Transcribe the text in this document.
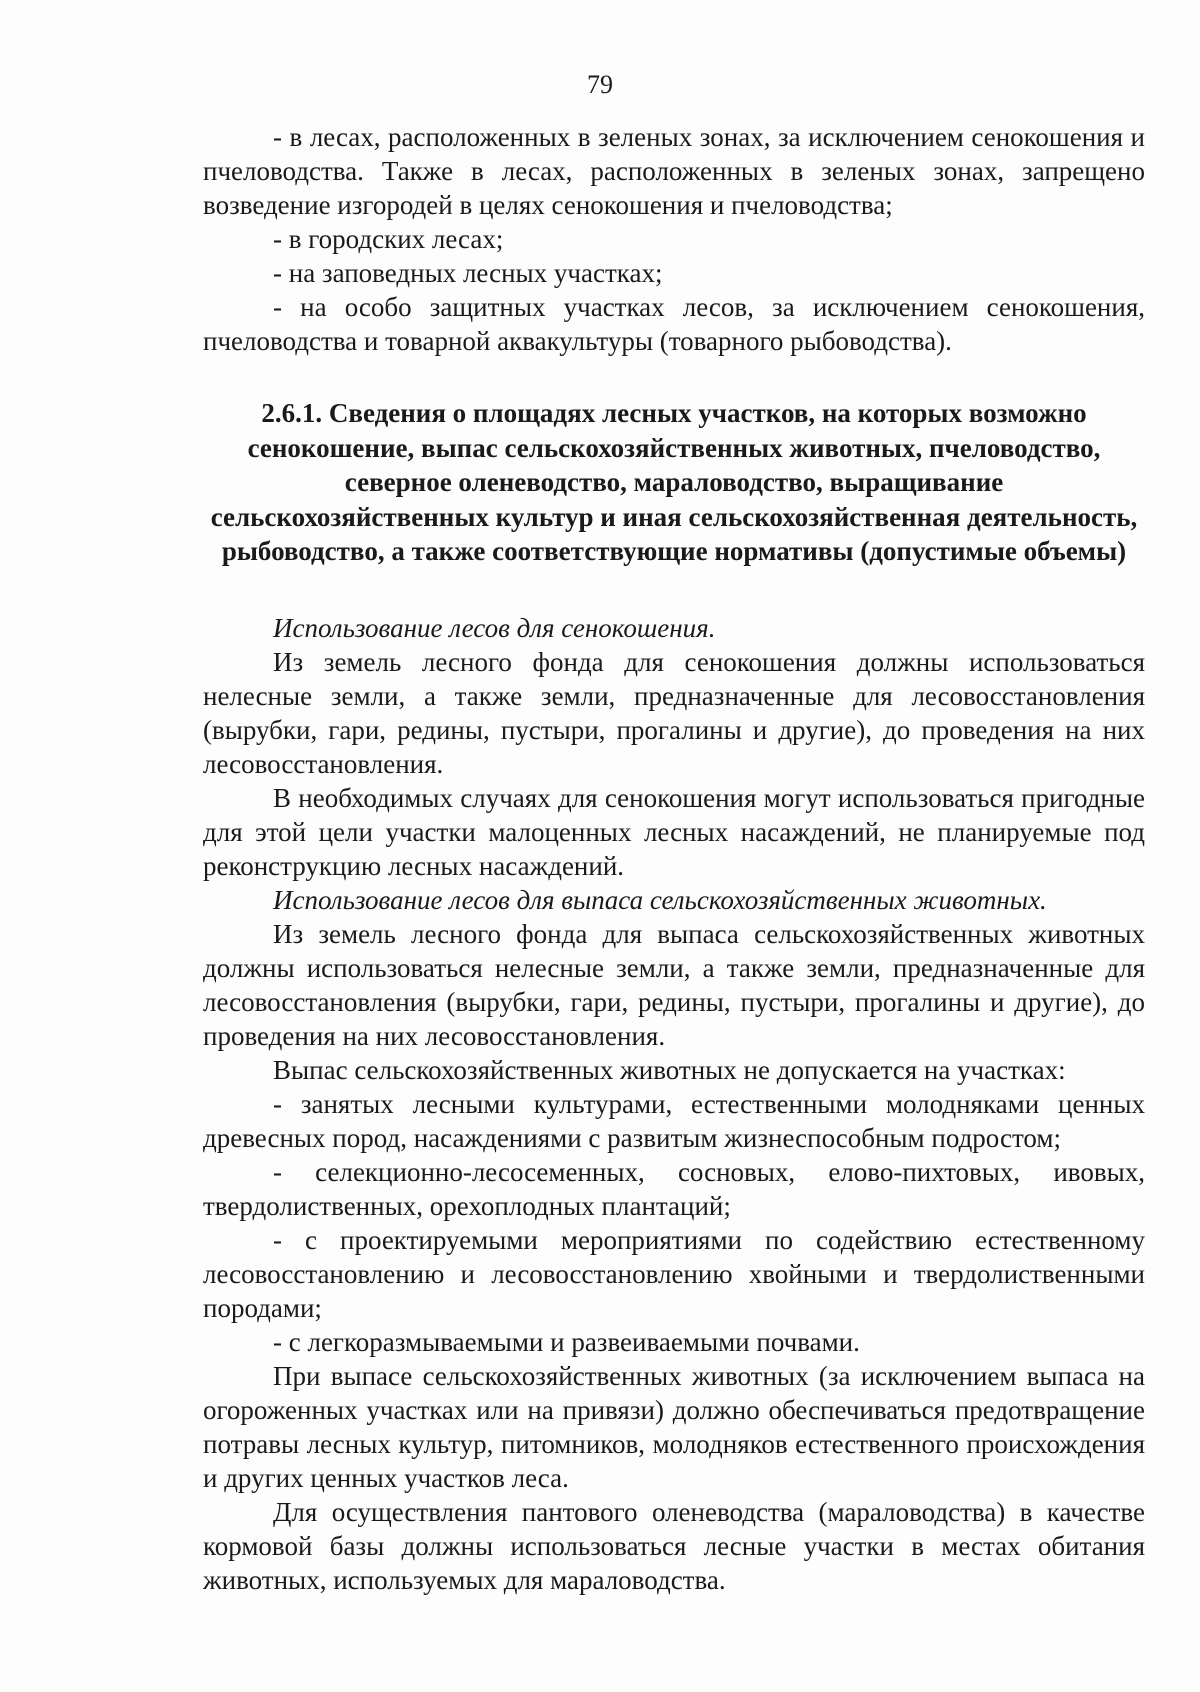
79

- в лесах, расположенных в зеленых зонах, за исключением сенокошения и пчеловодства. Также в лесах, расположенных в зеленых зонах, запрещено возведение изгородей в целях сенокошения и пчеловодства;

- в городских лесах;

- на заповедных лесных участках;

- на особо защитных участках лесов, за исключением сенокошения, пчеловодства и товарной аквакультуры (товарного рыбоводства).

2.6.1. Сведения о площадях лесных участков, на которых возможно сенокошение, выпас сельскохозяйственных животных, пчеловодство, северное оленеводство, мараловодство, выращивание сельскохозяйственных культур и иная сельскохозяйственная деятельность, рыбоводство, а также соответствующие нормативы (допустимые объемы)

Использование лесов для сенокошения.

Из земель лесного фонда для сенокошения должны использоваться нелесные земли, а также земли, предназначенные для лесовосстановления (вырубки, гари, редины, пустыри, прогалины и другие), до проведения на них лесовосстановления.

В необходимых случаях для сенокошения могут использоваться пригодные для этой цели участки малоценных лесных насаждений, не планируемые под реконструкцию лесных насаждений.

Использование лесов для выпаса сельскохозяйственных животных.

Из земель лесного фонда для выпаса сельскохозяйственных животных должны использоваться нелесные земли, а также земли, предназначенные для лесовосстановления (вырубки, гари, редины, пустыри, прогалины и другие), до проведения на них лесовосстановления.

Выпас сельскохозяйственных животных не допускается на участках:

- занятых лесными культурами, естественными молодняками ценных древесных пород, насаждениями с развитым жизнеспособным подростом;

- селекционно-лесосеменных, сосновых, елово-пихтовых, ивовых, твердолиственных, орехоплодных плантаций;

- с проектируемыми мероприятиями по содействию естественному лесовосстановлению и лесовосстановлению хвойными и твердолиственными породами;

- с легкоразмываемыми и развеиваемыми почвами.

При выпасе сельскохозяйственных животных (за исключением выпаса на огороженных участках или на привязи) должно обеспечиваться предотвращение потравы лесных культур, питомников, молодняков естественного происхождения и других ценных участков леса.

Для осуществления пантового оленеводства (мараловодства) в качестве кормовой базы должны использоваться лесные участки в местах обитания животных, используемых для мараловодства.
